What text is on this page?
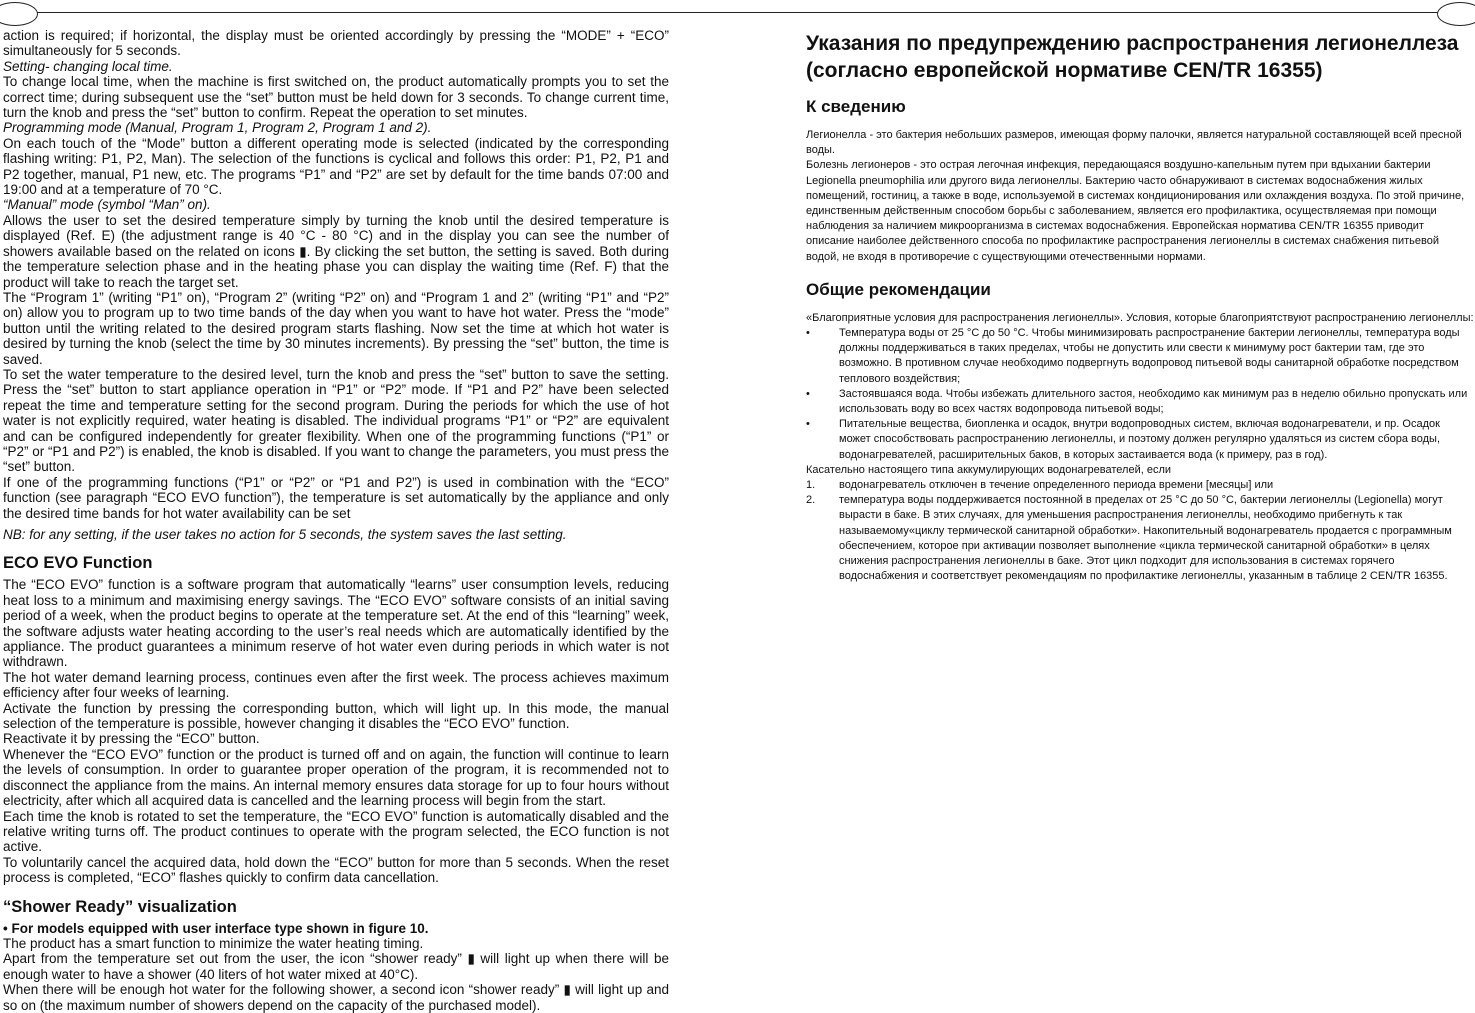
action is required; if horizontal, the display must be oriented accordingly by pressing the “MODE” + “ECO” simultaneously for 5 seconds.

Setting- changing local time.

To change local time, when the machine is first switched on, the product automatically prompts you to set the correct time; during subsequent use the “set” button must be held down for 3 seconds. To change current time, turn the knob and press the “set” button to confirm. Repeat the operation to set minutes.

Programming mode (Manual, Program 1, Program 2, Program 1 and 2).

On each touch of the “Mode” button a different operating mode is selected (indicated by the corresponding flashing writing: P1, P2, Man). The selection of the functions is cyclical and follows this order: P1, P2, P1 and P2 together, manual, P1 new, etc. The programs “P1” and “P2” are set by default for the time bands 07:00 and 19:00 and at a temperature of 70 °C.

“Manual” mode (symbol “Man” on).

Allows the user to set the desired temperature simply by turning the knob until the desired temperature is displayed (Ref. E) (the adjustment range is 40 °C - 80 °C) and in the display you can see the number of showers available based on the related on icons ▮. By clicking the set button, the setting is saved. Both during the temperature selection phase and in the heating phase you can display the waiting time (Ref. F) that the product will take to reach the target set.

The “Program 1” (writing “P1” on), “Program 2” (writing “P2” on) and “Program 1 and 2” (writing “P1” and “P2” on) allow you to program up to two time bands of the day when you want to have hot water. Press the “mode” button until the writing related to the desired program starts flashing. Now set the time at which hot water is desired by turning the knob (select the time by 30 minutes increments). By pressing the “set” button, the time is saved.

To set the water temperature to the desired level, turn the knob and press the “set” button to save the setting. Press the “set” button to start appliance operation in “P1” or “P2” mode. If “P1 and P2” have been selected repeat the time and temperature setting for the second program. During the periods for which the use of hot water is not explicitly required, water heating is disabled. The individual programs “P1” or “P2” are equivalent and can be configured independently for greater flexibility. When one of the programming functions (“P1” or “P2” or “P1 and P2”) is enabled, the knob is disabled. If you want to change the parameters, you must press the “set” button.

If one of the programming functions (“P1” or “P2” or “P1 and P2”) is used in combination with the “ECO” function (see paragraph “ECO EVO function”), the temperature is set automatically by the appliance and only the desired time bands for hot water availability can be set

NB: for any setting, if the user takes no action for 5 seconds, the system saves the last setting.

ECO EVO Function

The “ECO EVO” function is a software program that automatically “learns” user consumption levels, reducing heat loss to a minimum and maximising energy savings. The “ECO EVO” software consists of an initial saving period of a week, when the product begins to operate at the temperature set. At the end of this “learning” week, the software adjusts water heating according to the user’s real needs which are automatically identified by the appliance. The product guarantees a minimum reserve of hot water even during periods in which water is not withdrawn.

The hot water demand learning process, continues even after the first week. The process achieves maximum efficiency after four weeks of learning.

Activate the function by pressing the corresponding button, which will light up. In this mode, the manual selection of the temperature is possible, however changing it disables the “ECO EVO” function.

Reactivate it by pressing the “ECO” button.

Whenever the “ECO EVO” function or the product is turned off and on again, the function will continue to learn the levels of consumption. In order to guarantee proper operation of the program, it is recommended not to disconnect the appliance from the mains. An internal memory ensures data storage for up to four hours without electricity, after which all acquired data is cancelled and the learning process will begin from the start.

Each time the knob is rotated to set the temperature, the “ECO EVO” function is automatically disabled and the relative writing turns off. The product continues to operate with the program selected, the ECO function is not active.

To voluntarily cancel the acquired data, hold down the “ECO” button for more than 5 seconds. When the reset process is completed, “ECO” flashes quickly to confirm data cancellation.

“Shower Ready” visualization

• For models equipped with user interface type shown in figure 10.

The product has a smart function to minimize the water heating timing.

Apart from the temperature set out from the user, the icon “shower ready” ▮ will light up when there will be enough water to have a shower (40 liters of hot water mixed at 40°C).

When there will be enough hot water for the following shower, a second icon “shower ready” ▮ will light up and so on (the maximum number of showers depend on the capacity of the purchased model).

Указания по предупреждению распространения легионеллеза (согласно европейской нормативе CEN/TR 16355)
К сведению

Легионелла - это бактерия небольших размеров, имеющая форму палочки, является натуральной составляющей всей пресной воды.

Болезнь легионеров - это острая легочная инфекция, передающаяся воздушно-капельным путем при вдыхании бактерии Legionella pneumophilia или другого вида легионеллы. Бактерию часто обнаруживают в системах водоснабжения жилых помещений, гостиниц, а также в воде, используемой в системах кондиционирования или охлаждения воздуха. По этой причине, единственным действенным способом борьбы с заболеванием, является его профилактика, осуществляемая при помощи наблюдения за наличием микроорганизма в системах водоснабжения. Европейская норматива CEN/TR 16355 приводит описание наиболее действенного способа по профилактике распространения легионеллы в системах снабжения питьевой водой, не входя в противоречие с существующими отечественными нормами.

Общие рекомендации

«Благоприятные условия для распространения легионеллы». Условия, которые благоприятствуют распространению легионеллы:

•	Температура воды от 25 °С до 50 °С. Чтобы минимизировать распространение бактерии легионеллы, температура воды должны поддерживаться в таких пределах, чтобы не допустить или свести к минимуму рост бактерии там, где это возможно. В противном случае необходимо подвергнуть водопровод питьевой воды санитарной обработке посредством теплового воздействия;
•	Застоявшаяся вода. Чтобы избежать длительного застоя, необходимо как минимум раз в неделю обильно пропускать или использовать воду во всех частях водопровода питьевой воды;
•	Питательные вещества, биопленка и осадок, внутри водопроводных систем, включая водонагреватели, и пр. Осадок может способствовать распространению легионеллы, и поэтому должен регулярно удаляться из систем сбора воды, водонагревателей, расширительных баков, в которых застаивается вода (к примеру, раз в год).

Касательно настоящего типа аккумулирующих водонагревателей, если

1. водонагреватель отключен в течение определенного периода времени [месяцы] или
2. температура воды поддерживается постоянной в пределах от 25 °C до 50 °C, бактерии легионеллы (Legionella) могут вырасти в баке. В этих случаях, для уменьшения распространения легионеллы, необходимо прибегнуть к так называемому«циклу термической санитарной обработки». Накопительный водонагреватель продается с программным обеспечением, которое при активации позволяет выполнение «цикла термической санитарной обработки» в целях снижения распространения легионеллы в баке. Этот цикл подходит для использования в системах горячего водоснабжения и соответствует рекомендациям по профилактике легионеллы, указанным в таблице 2 CEN/TR 16355.
